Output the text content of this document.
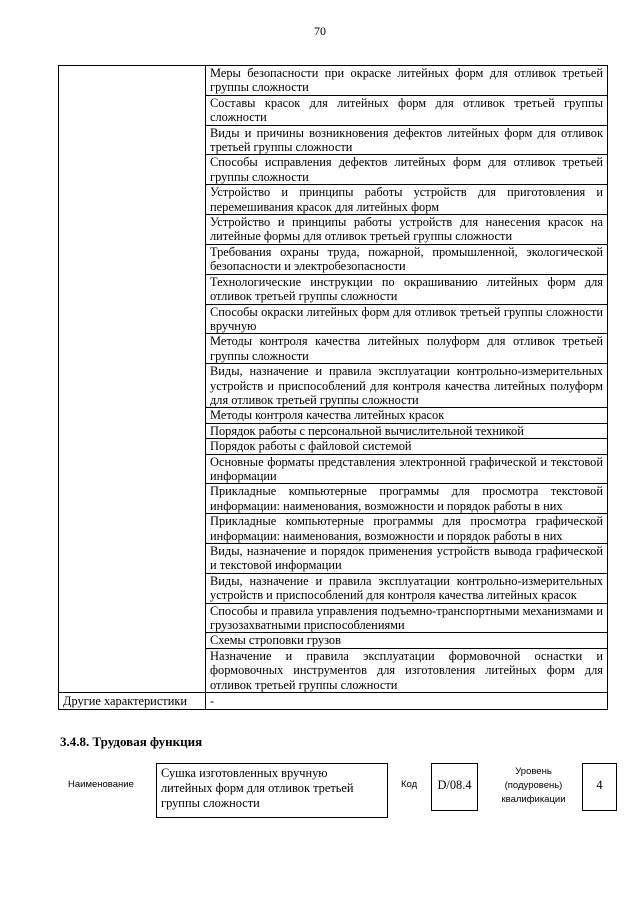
70
	Меры безопасности при окраске литейных форм для отливок третьей группы сложности
	Составы красок для литейных форм для отливок третьей группы сложности
	Виды и причины возникновения дефектов литейных форм для отливок третьей группы сложности
	Способы исправления дефектов литейных форм для отливок третьей группы сложности
	Устройство и принципы работы устройств для приготовления и перемешивания красок для литейных форм
	Устройство и принципы работы устройств для нанесения красок на литейные формы для отливок третьей группы сложности
	Требования охраны труда, пожарной, промышленной, экологической безопасности и электробезопасности
	Технологические инструкции по окрашиванию литейных форм для отливок третьей группы сложности
	Способы окраски литейных форм для отливок третьей группы сложности вручную
	Методы контроля качества литейных полуформ для отливок третьей группы сложности
	Виды, назначение и правила эксплуатации контрольно-измерительных устройств и приспособлений для контроля качества литейных полуформ для отливок третьей группы сложности
	Методы контроля качества литейных красок
	Порядок работы с персональной вычислительной техникой
	Порядок работы с файловой системой
	Основные форматы представления электронной графической и текстовой информации
	Прикладные компьютерные программы для просмотра текстовой информации: наименования, возможности и порядок работы в них
	Прикладные компьютерные программы для просмотра графической информации: наименования, возможности и порядок работы в них
	Виды, назначение и порядок применения устройств вывода графической и текстовой информации
	Виды, назначение и правила эксплуатации контрольно-измерительных устройств и приспособлений для контроля качества литейных красок
	Способы и правила управления подъемно-транспортными механизмами и грузозахватными приспособлениями
	Схемы строповки грузов
	Назначение и правила эксплуатации формовочной оснастки и формовочных инструментов для изготовления литейных форм для отливок третьей группы сложности
Другие характеристики	-
3.4.8. Трудовая функция
Наименование
Сушка изготовленных вручную
литейных форм для отливок третьей
группы сложности
Код	D/08.4
Уровень
(подуровень)
квалификации
4
